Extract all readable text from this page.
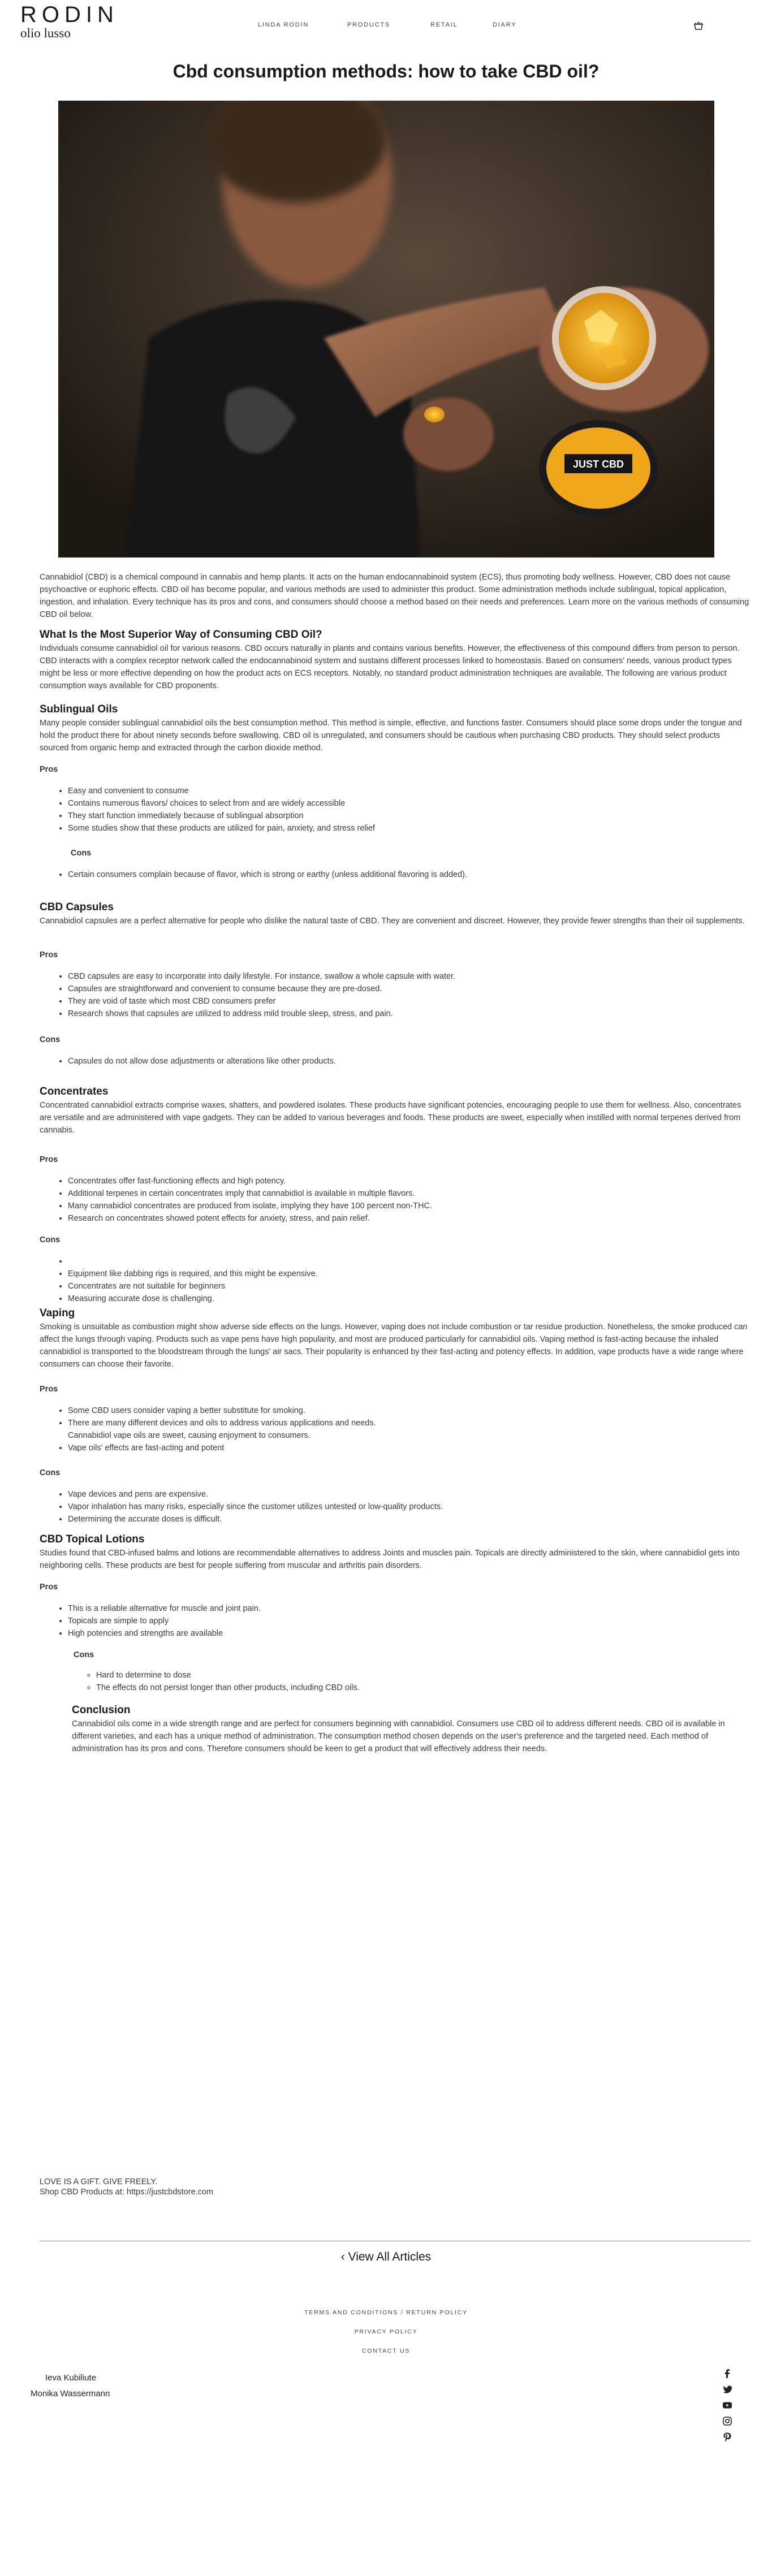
RODIN
olio lusso
LINDA RODIN	PRODUCTS	RETAIL	DIARY
Cbd consumption methods: how to take CBD oil?
JUST CBD

Cannabidiol (CBD) is a chemical compound in cannabis and hemp plants. It acts on the human endocannabinoid system (ECS), thus promoting body wellness. However, CBD does not cause psychoactive or euphoric effects. CBD oil has become popular, and various methods are used to administer this product. Some administration methods include sublingual, topical application, ingestion, and inhalation. Every technique has its pros and cons, and consumers should choose a method based on their needs and preferences. Learn more on the various methods of consuming CBD oil below.

What Is the Most Superior Way of Consuming CBD Oil?

Individuals consume cannabidiol oil for various reasons. CBD occurs naturally in plants and contains various benefits. However, the effectiveness of this compound differs from person to person. CBD interacts with a complex receptor network called the endocannabinoid system and sustains different processes linked to homeostasis. Based on consumers' needs, various product types might be less or more effective depending on how the product acts on ECS receptors. Notably, no standard product administration techniques are available. The following are various product consumption ways available for CBD proponents.

Sublingual Oils

Many people consider sublingual cannabidiol oils the best consumption method. This method is simple, effective, and functions faster. Consumers should place some drops under the tongue and hold the product there for about ninety seconds before swallowing. CBD oil is unregulated, and consumers should be cautious when purchasing CBD products. They should select products sourced from organic hemp and extracted through the carbon dioxide method.

Pros
• Easy and convenient to consume
• Contains numerous flavors/ choices to select from and are widely accessible
• They start function immediately because of sublingual absorption
• Some studies show that these products are utilized for pain, anxiety, and stress relief
Cons
• Certain consumers complain because of flavor, which is strong or earthy (unless additional flavoring is added).
CBD Capsules

Cannabidiol capsules are a perfect alternative for people who dislike the natural taste of CBD. They are convenient and discreet. However, they provide fewer strengths than their oil supplements.

Pros
• CBD capsules are easy to incorporate into daily lifestyle. For instance, swallow a whole capsule with water.
• Capsules are straightforward and convenient to consume because they are pre-dosed.
• They are void of taste which most CBD consumers prefer
• Research shows that capsules are utilized to address mild trouble sleep, stress, and pain.
Cons
• Capsules do not allow dose adjustments or alterations like other products.
Concentrates

Concentrated cannabidiol extracts comprise waxes, shatters, and powdered isolates. These products have significant potencies, encouraging people to use them for wellness. Also, concentrates are versatile and are administered with vape gadgets. They can be added to various beverages and foods. These products are sweet, especially when instilled with normal terpenes derived from cannabis.

Pros
• Concentrates offer fast-functioning effects and high potency.
• Additional terpenes in certain concentrates imply that cannabidiol is available in multiple flavors.
• Many cannabidiol concentrates are produced from isolate, implying they have 100 percent non-THC.
• Research on concentrates showed potent effects for anxiety, stress, and pain relief.
Cons
•
• Equipment like dabbing rigs is required, and this might be expensive.
• Concentrates are not suitable for beginners
• Measuring accurate dose is challenging.
Vaping

Smoking is unsuitable as combustion might show adverse side effects on the lungs. However, vaping does not include combustion or tar residue production. Nonetheless, the smoke produced can affect the lungs through vaping. Products such as vape pens have high popularity, and most are produced particularly for cannabidiol oils. Vaping method is fast-acting because the inhaled cannabidiol is transported to the bloodstream through the lungs' air sacs. Their popularity is enhanced by their fast-acting and potency effects. In addition, vape products have a wide range where consumers can choose their favorite.

Pros
• Some CBD users consider vaping a better substitute for smoking.
• There are many different devices and oils to address various applications and needs.
Cannabidiol vape oils are sweet, causing enjoyment to consumers.
• Vape oils' effects are fast-acting and potent
Cons
• Vape devices and pens are expensive.
• Vapor inhalation has many risks, especially since the customer utilizes untested or low-quality products.
• Determining the accurate doses is difficult.
CBD Topical Lotions

Studies found that CBD-infused balms and lotions are recommendable alternatives to address Joints and muscles pain. Topicals are directly administered to the skin, where cannabidiol gets into neighboring cells. These products are best for people suffering from muscular and arthritis pain disorders.

Pros
• This is a reliable alternative for muscle and joint pain.
• Topicals are simple to apply
• High potencies and strengths are available
Cons
◦ Hard to determine to dose
◦ The effects do not persist longer than other products, including CBD oils.
Conclusion

Cannabidiol oils come in a wide strength range and are perfect for consumers beginning with cannabidiol. Consumers use CBD oil to address different needs. CBD oil is available in different varieties, and each has a unique method of administration. The consumption method chosen depends on the user's preference and the targeted need. Each method of administration has its pros and cons. Therefore consumers should be keen to get a product that will effectively address their needs.

LOVE IS A GIFT. GIVE FREELY.

Shop CBD Products at: https://justcbdstore.com

‹ View All Articles
TERMS AND CONDITIONS / RETURN POLICY
PRIVACY POLICY
CONTACT US
Ieva Kubiliute
Monika Wassermann
